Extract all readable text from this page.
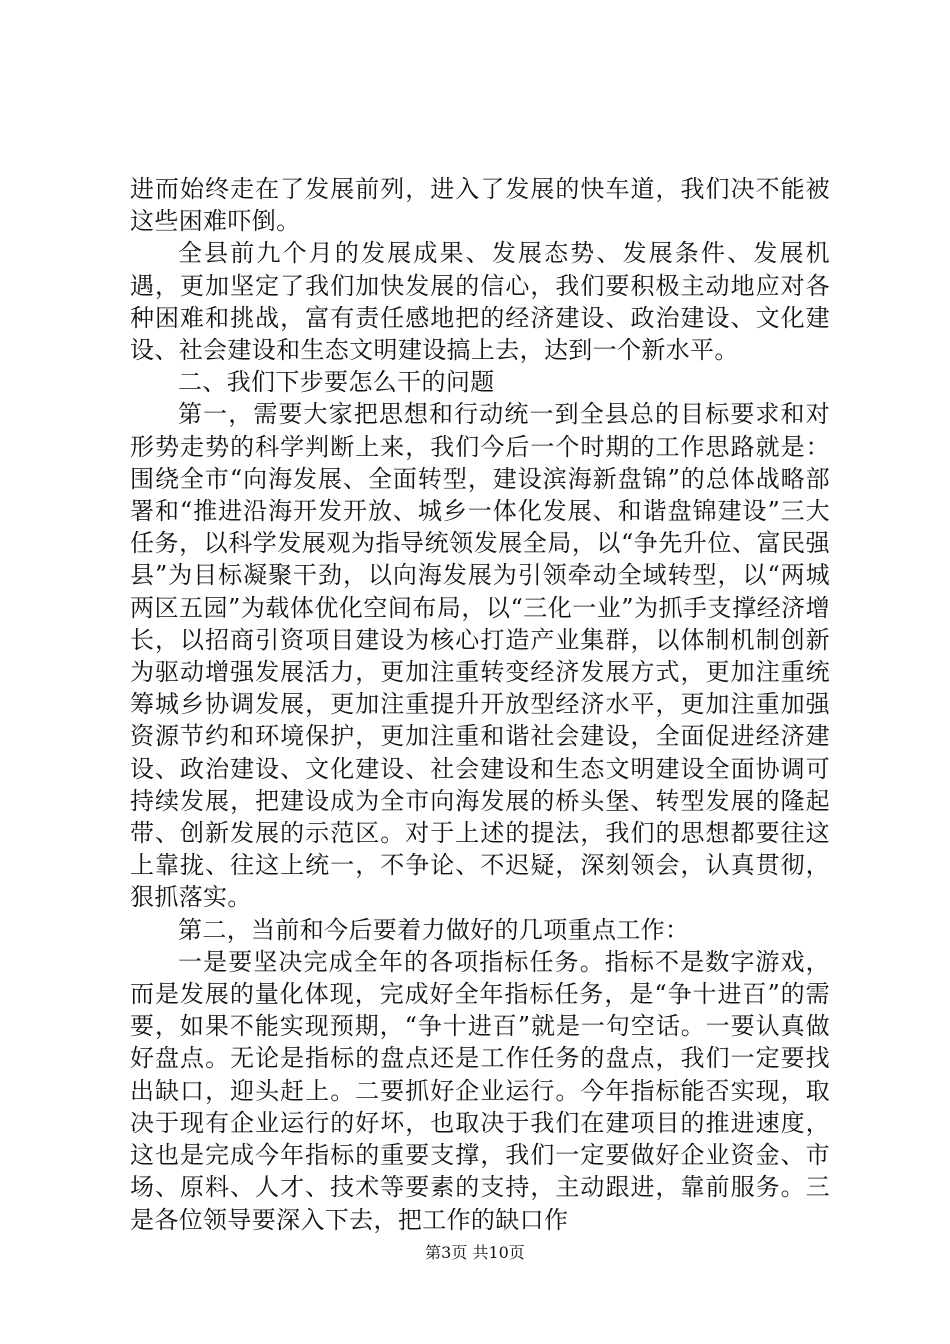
进而始终走在了发展前列，进入了发展的快车道，我们决不能被这些困难吓倒。

全县前九个月的发展成果、发展态势、发展条件、发展机遇，更加坚定了我们加快发展的信心，我们要积极主动地应对各种困难和挑战，富有责任感地把的经济建设、政治建设、文化建设、社会建设和生态文明建设搞上去，达到一个新水平。

二、我们下步要怎么干的问题

第一，需要大家把思想和行动统一到全县总的目标要求和对形势走势的科学判断上来，我们今后一个时期的工作思路就是：围绕全市“向海发展、全面转型，建设滨海新盘锦”的总体战略部署和“推进沿海开发开放、城乡一体化发展、和谐盘锦建设”三大任务，以科学发展观为指导统领发展全局，以“争先升位、富民强县”为目标凝聚干劲，以向海发展为引领牵动全域转型，以“两城两区五园”为载体优化空间布局，以“三化一业”为抓手支撑经济增长，以招商引资项目建设为核心打造产业集群，以体制机制创新为驱动增强发展活力，更加注重转变经济发展方式，更加注重统筹城乡协调发展，更加注重提升开放型经济水平，更加注重加强资源节约和环境保护，更加注重和谐社会建设，全面促进经济建设、政治建设、文化建设、社会建设和生态文明建设全面协调可持续发展，把建设成为全市向海发展的桥头堡、转型发展的隆起带、创新发展的示范区。对于上述的提法，我们的思想都要往这上靠拢、往这上统一，不争论、不迟疑，深刻领会，认真贯彻，狠抓落实。

第二，当前和今后要着力做好的几项重点工作：

一是要坚决完成全年的各项指标任务。指标不是数字游戏，而是发展的量化体现，完成好全年指标任务，是“争十进百”的需要，如果不能实现预期，“争十进百”就是一句空话。一要认真做好盘点。无论是指标的盘点还是工作任务的盘点，我们一定要找出缺口，迎头赶上。二要抓好企业运行。今年指标能否实现，取决于现有企业运行的好坏，也取决于我们在建项目的推进速度，这也是完成今年指标的重要支撑，我们一定要做好企业资金、市场、原料、人才、技术等要素的支持，主动跟进，靠前服务。三是各位领导要深入下去，把工作的缺口作

第3页 共10页
